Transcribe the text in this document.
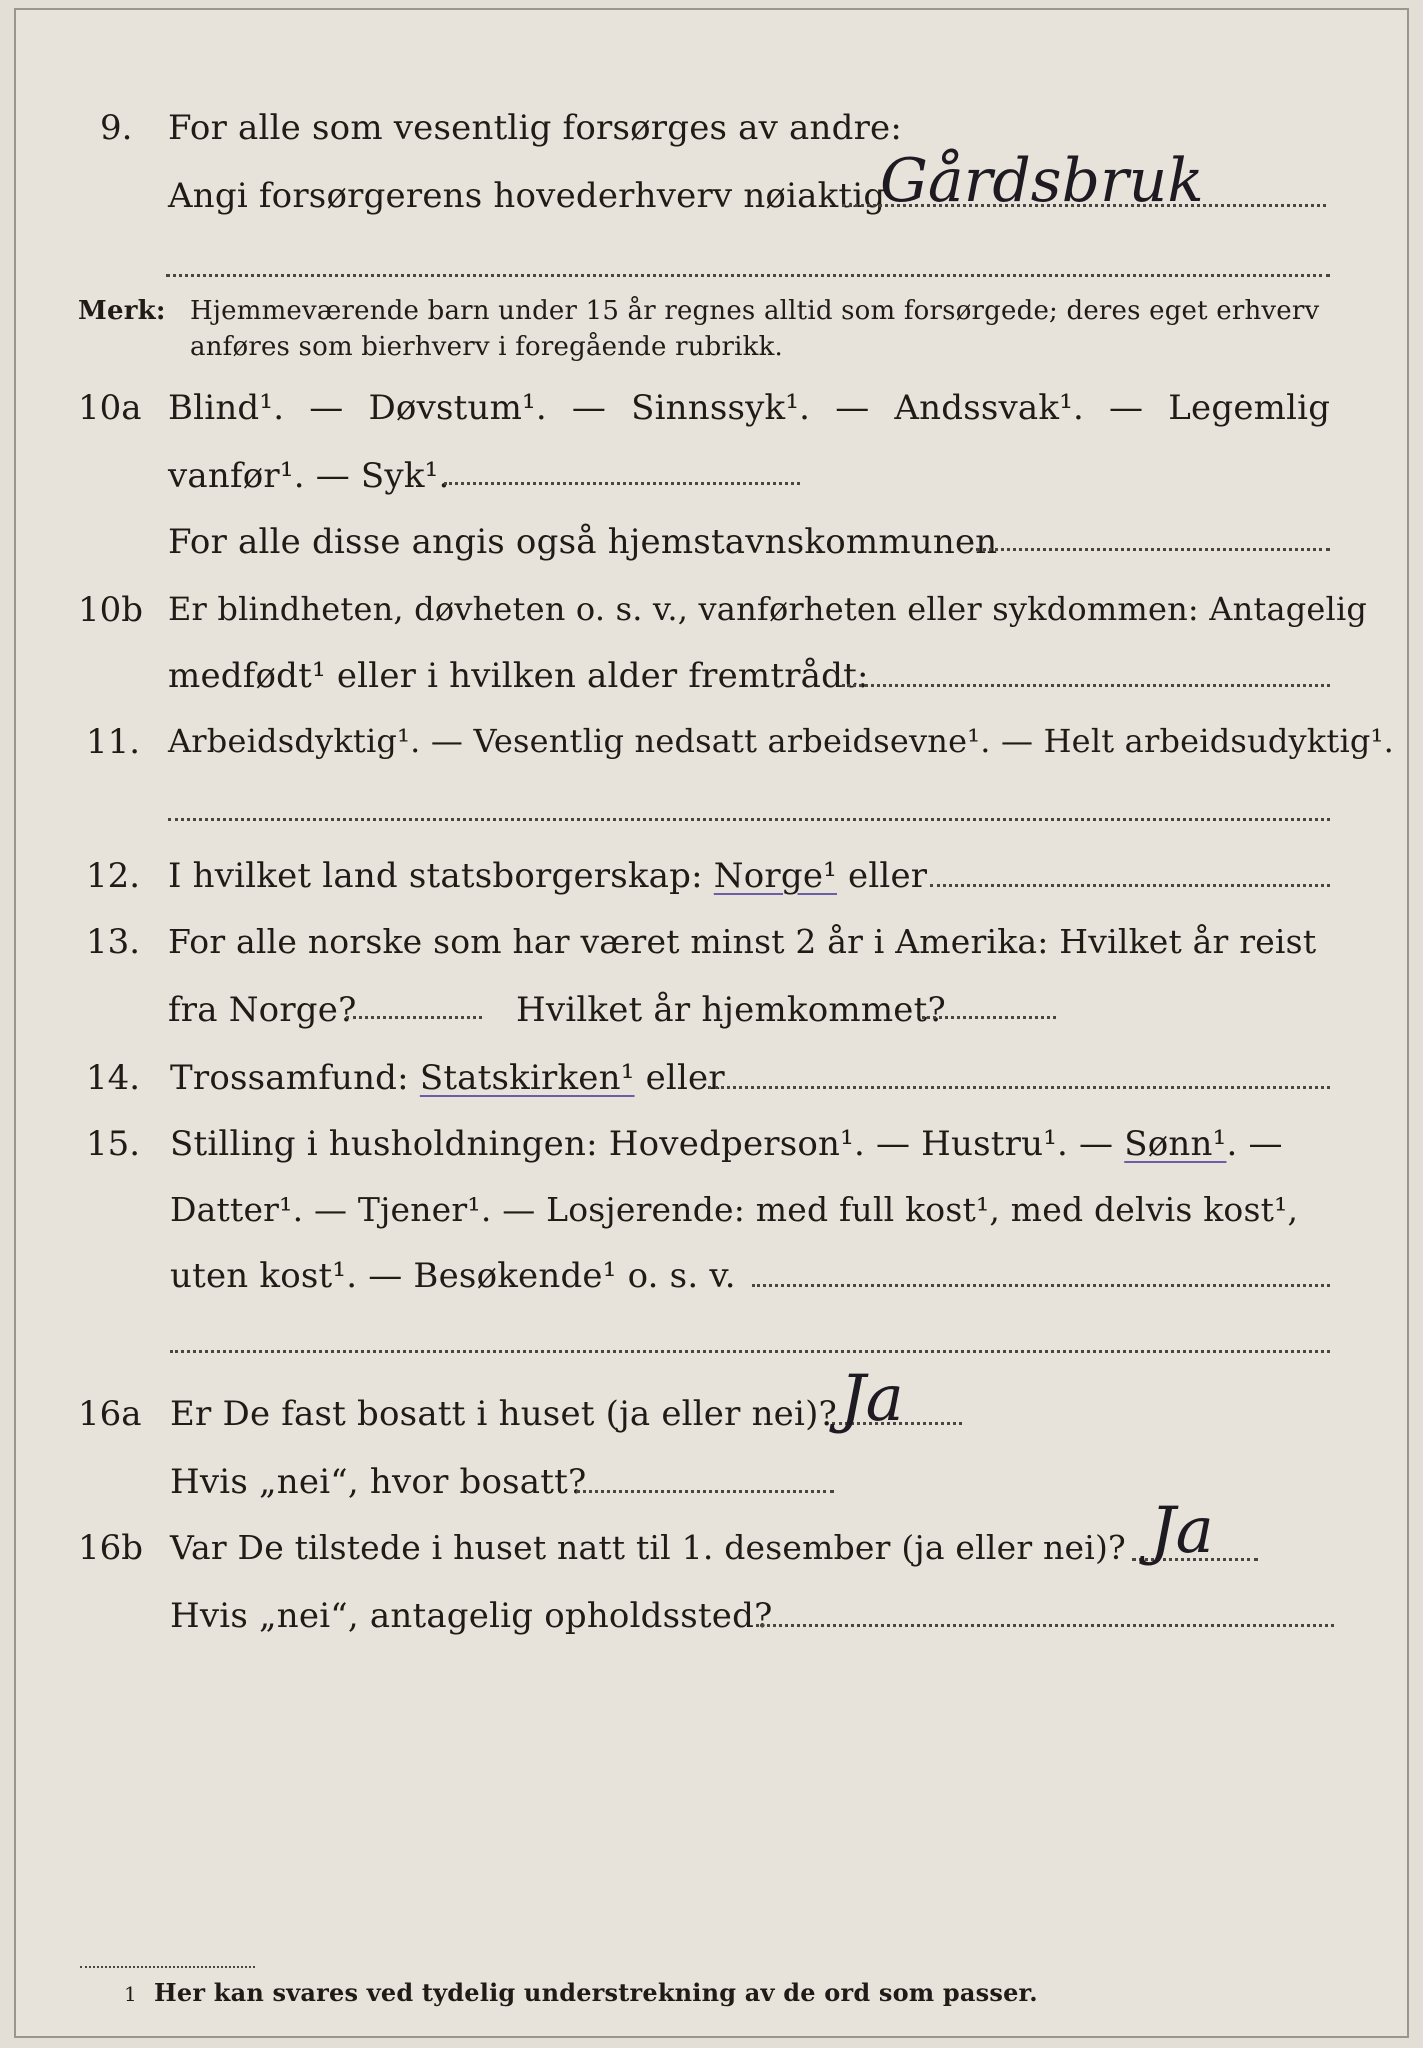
9. For alle som vesentlig forsørges av andre:
Angi forsørgerens hovederhverv nøiaktig
Gårdsbruk
Merk: Hjemmeværende barn under 15 år regnes alltid som forsørgede; deres eget erhverv
anføres som bierhverv i foregående rubrikk.
10a Blind¹. — Døvstum¹. — Sinnssyk¹. — Andssvak¹. — Legemlig
vanfør¹. — Syk¹.
For alle disse angis også hjemstavnskommunen
10b Er blindheten, døvheten o. s. v., vanførheten eller sykdommen: Antagelig
medfødt¹ eller i hvilken alder fremtrådt:
11. Arbeidsdyktig¹. — Vesentlig nedsatt arbeidsevne¹. — Helt arbeidsudyktig¹.
12. I hvilket land statsborgerskap: Norge¹ eller
13. For alle norske som har været minst 2 år i Amerika: Hvilket år reist
fra Norge?	Hvilket år hjemkommet?
14. Trossamfund: Statskirken¹ eller
15. Stilling i husholdningen: Hovedperson¹. — Hustru¹. — Sønn¹. —
Datter¹. — Tjener¹. — Losjerende: med full kost¹, med delvis kost¹,
uten kost¹. — Besøkende¹ o. s. v.
16a Er De fast bosatt i huset (ja eller nei)? Ja
Hvis „nei“, hvor bosatt?
16b Var De tilstede i huset natt til 1. desember (ja eller nei)? Ja
Hvis „nei“, antagelig opholdssted?
1 Her kan svares ved tydelig understrekning av de ord som passer.
